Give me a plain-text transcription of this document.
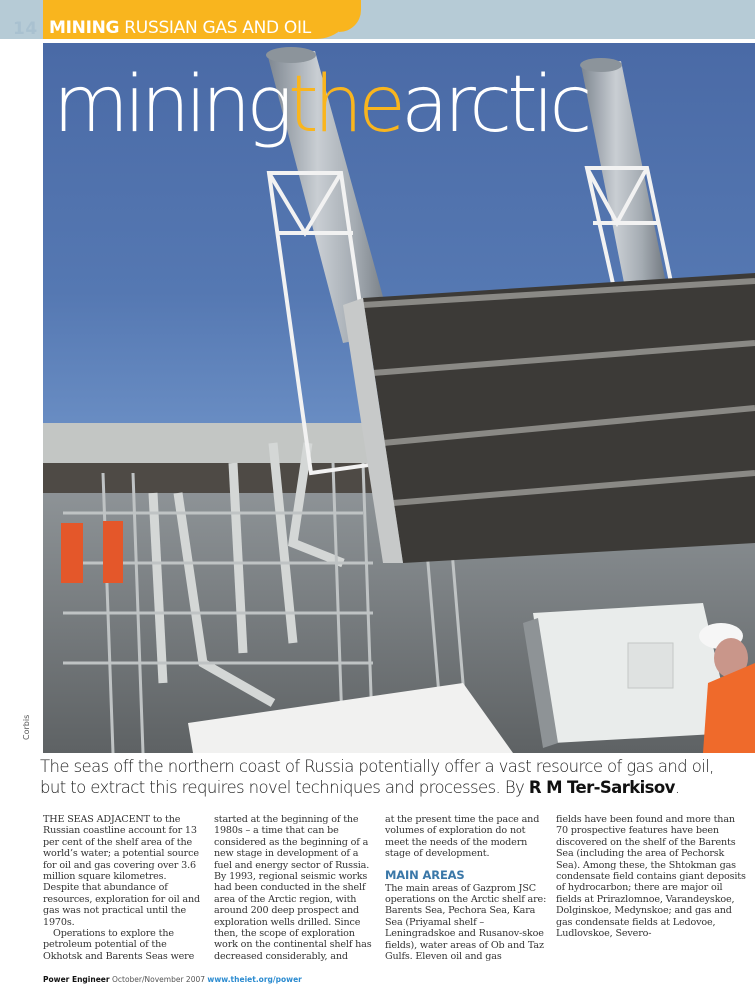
14 MINING RUSSIAN GAS AND OIL
miningthearctic
Corbis
The seas off the northern coast of Russia potentially offer a vast resource of gas and oil,
but to extract this requires novel techniques and processes. By R M Ter-Sarkisov.

THE SEAS ADJACENT to the Russian coastline account for 13 per cent of the shelf area of the world’s water; a potential source for oil and gas covering over 3.6 million square kilometres. Despite that abundance of resources, exploration for oil and gas was not practical until the 1970s.

Operations to explore the petroleum potential of the Okhotsk and Barents Seas were

started at the beginning of the 1980s – a time that can be considered as the beginning of a new stage in development of a fuel and energy sector of Russia. By 1993, regional seismic works had been conducted in the shelf area of the Arctic region, with around 200 deep prospect and exploration wells drilled. Since then, the scope of exploration work on the continental shelf has decreased considerably, and

at the present time the pace and volumes of exploration do not meet the needs of the modern stage of development.

MAIN AREAS

The main areas of Gazprom JSC operations on the Arctic shelf are: Barents Sea, Pechora Sea, Kara Sea (Priyamal shelf – Leningradskoe and Rusanov-skoe fields), water areas of Ob and Taz Gulfs. Eleven oil and gas

fields have been found and more than 70 prospective features have been discovered on the shelf of the Barents Sea (including the area of Pechorsk Sea). Among these, the Shtokman gas condensate field contains giant deposits of hydrocarbon; there are major oil fields at Prirazlomnoe, Varandeyskoe, Dolginskoe, Medynskoe; and gas and gas condensate fields at Ledovoe, Ludlovskoe, Severo-

Power Engineer October/November 2007 www.theiet.org/power
